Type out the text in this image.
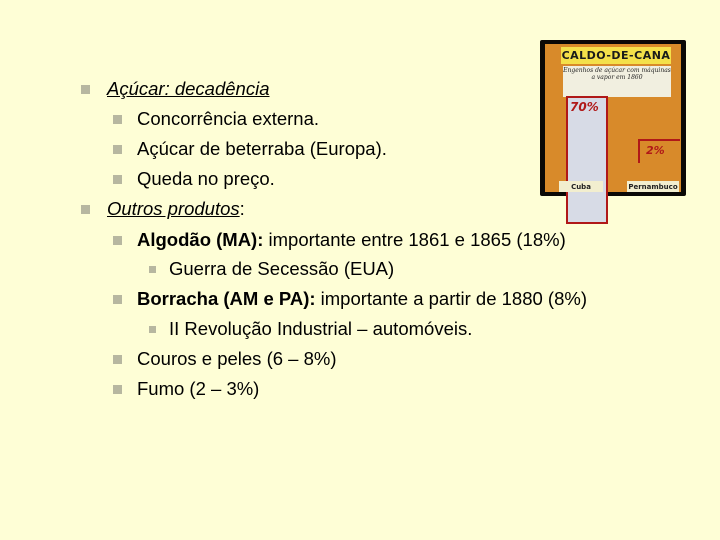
Açúcar: decadência
Concorrência externa.
Açúcar de beterraba (Europa).
Queda no preço.
Outros produtos :
Algodão (MA): importante entre 1861 e 1865 (18%)
Guerra de Secessão (EUA)
Borracha (AM e PA): importante a partir de 1880 (8%)
II Revolução Industrial – automóveis.
Couros e peles (6 – 8%)
Fumo (2 – 3%)
CALDO-DE-CANA
Engenhos de açúcar com máquinas a vapor em 1860
70%
2%
Cuba	Pernambuco
